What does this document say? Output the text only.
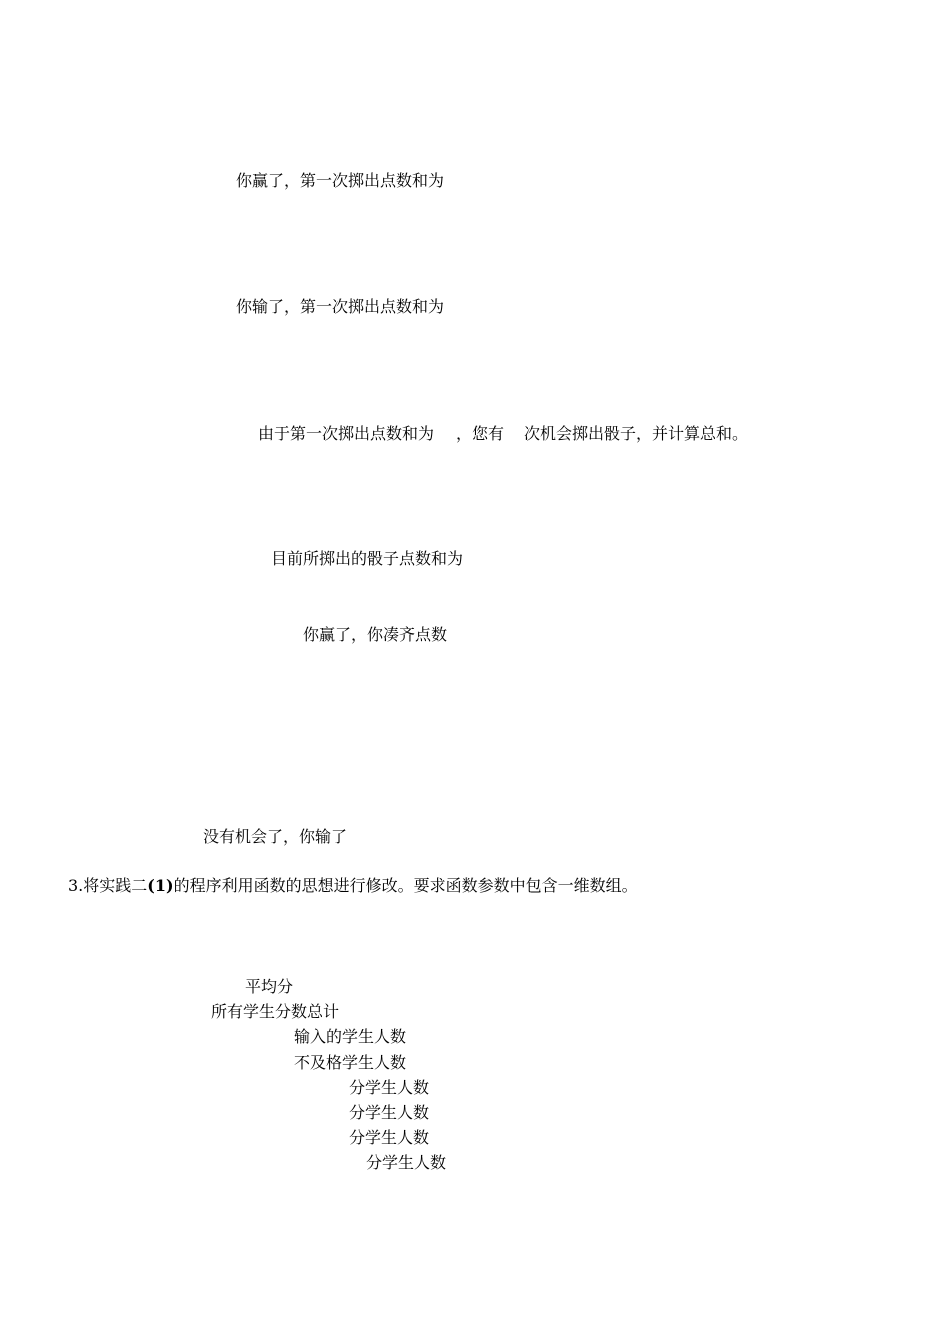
你赢了，第一次掷出点数和为
你输了，第一次掷出点数和为
由于第一次掷出点数和为 ，您有 次机会掷出骰子，并计算总和。
目前所掷出的骰子点数和为
你赢了，你凑齐点数
没有机会了，你输了
3.将实践二(1)的程序利用函数的思想进行修改。要求函数参数中包含一维数组。
平均分
所有学生分数总计
输入的学生人数
不及格学生人数
分学生人数
分学生人数
分学生人数
分学生人数
